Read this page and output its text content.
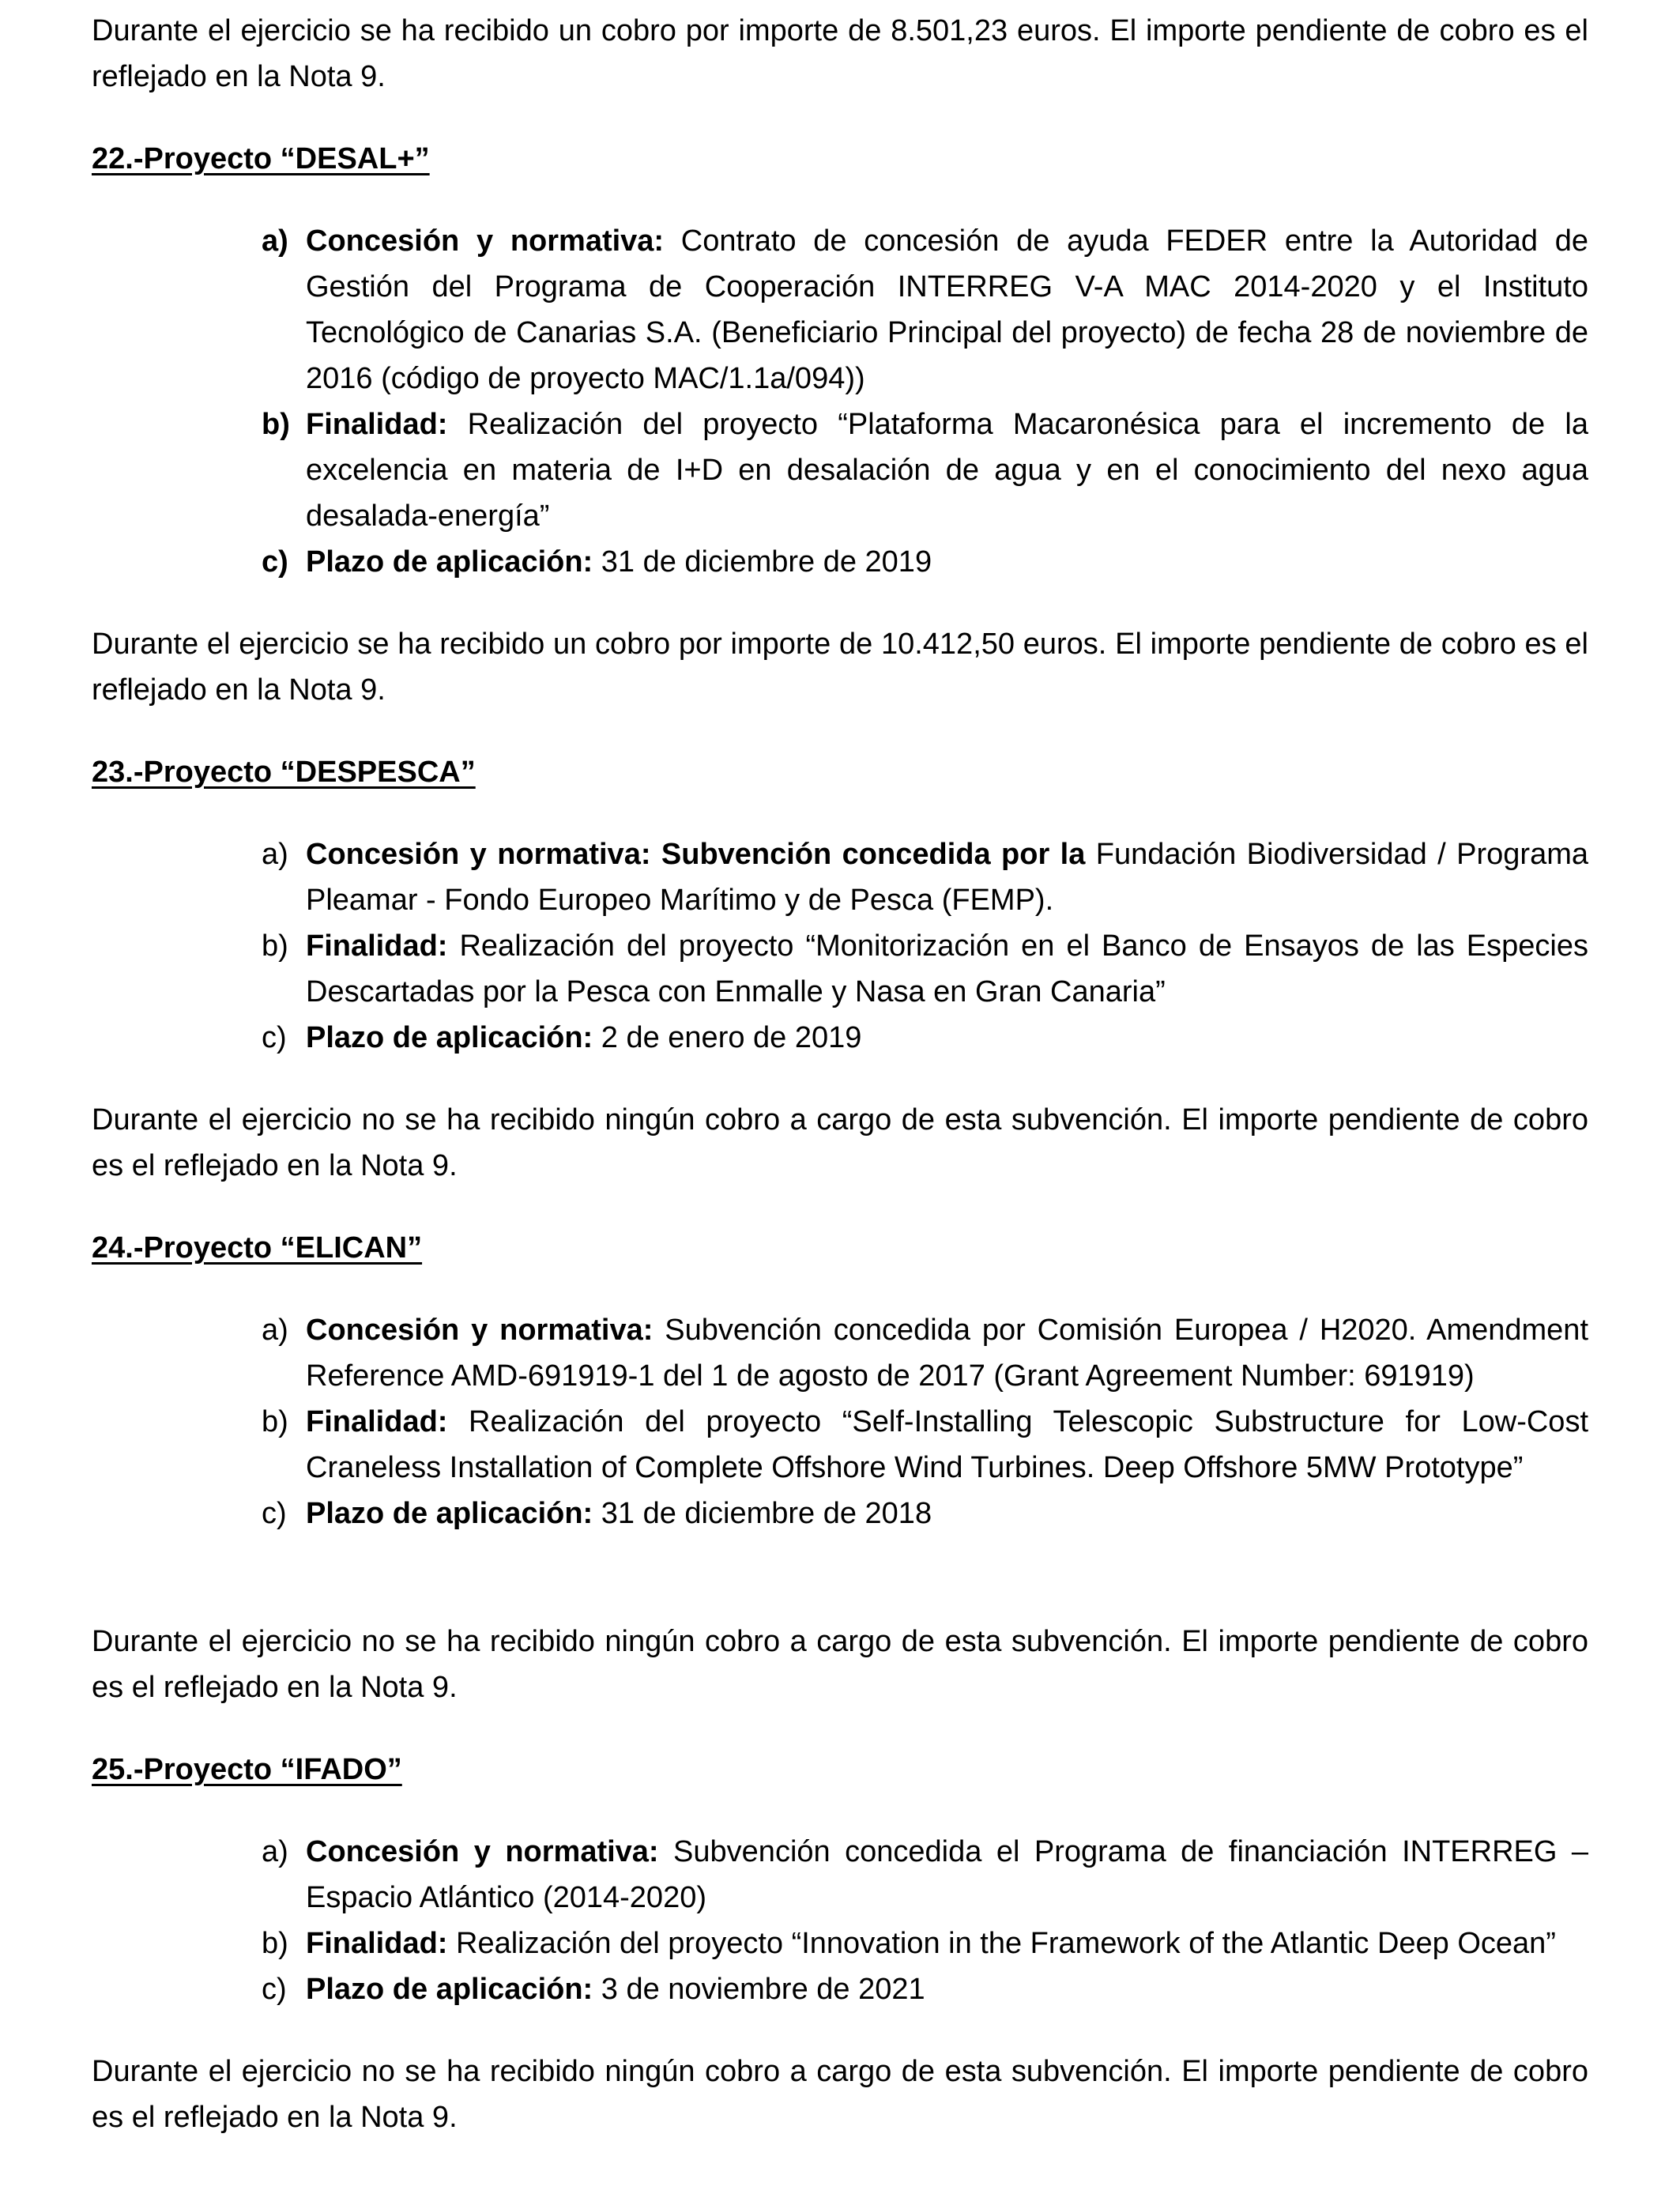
Durante el ejercicio se ha recibido un cobro por importe de 8.501,23 euros. El importe pendiente de cobro es el reflejado en la Nota 9.

22.-Proyecto “DESAL+”
a) Concesión y normativa: Contrato de concesión de ayuda FEDER entre la Autoridad de Gestión del Programa de Cooperación INTERREG V-A MAC 2014-2020 y el Instituto Tecnológico de Canarias S.A. (Beneficiario Principal del proyecto) de fecha 28 de noviembre de 2016 (código de proyecto MAC/1.1a/094))
b) Finalidad: Realización del proyecto “Plataforma Macaronésica para el incremento de la excelencia en materia de I+D en desalación de agua y en el conocimiento del nexo agua desalada-energía”
c) Plazo de aplicación: 31 de diciembre de 2019

Durante el ejercicio se ha recibido un cobro por importe de 10.412,50 euros. El importe pendiente de cobro es el reflejado en la Nota 9.

23.-Proyecto “DESPESCA”
a) Concesión y normativa: Subvención concedida por la Fundación Biodiversidad / Programa Pleamar - Fondo Europeo Marítimo y de Pesca (FEMP).
b) Finalidad: Realización del proyecto “Monitorización en el Banco de Ensayos de las Especies Descartadas por la Pesca con Enmalle y Nasa en Gran Canaria”
c) Plazo de aplicación: 2 de enero de 2019

Durante el ejercicio no se ha recibido ningún cobro a cargo de esta subvención. El importe pendiente de cobro es el reflejado en la Nota 9.

24.-Proyecto “ELICAN”
a) Concesión y normativa: Subvención concedida por Comisión Europea / H2020. Amendment Reference AMD-691919-1 del 1 de agosto de 2017 (Grant Agreement Number: 691919)
b) Finalidad: Realización del proyecto “Self-Installing Telescopic Substructure for Low-Cost Craneless Installation of Complete Offshore Wind Turbines. Deep Offshore 5MW Prototype”
c) Plazo de aplicación: 31 de diciembre de 2018

Durante el ejercicio no se ha recibido ningún cobro a cargo de esta subvención. El importe pendiente de cobro es el reflejado en la Nota 9.

25.-Proyecto “IFADO”
a) Concesión y normativa: Subvención concedida el Programa de financiación INTERREG – Espacio Atlántico (2014-2020)
b) Finalidad: Realización del proyecto “Innovation in the Framework of the Atlantic Deep Ocean”
c) Plazo de aplicación: 3 de noviembre de 2021

Durante el ejercicio no se ha recibido ningún cobro a cargo de esta subvención. El importe pendiente de cobro es el reflejado en la Nota 9.
